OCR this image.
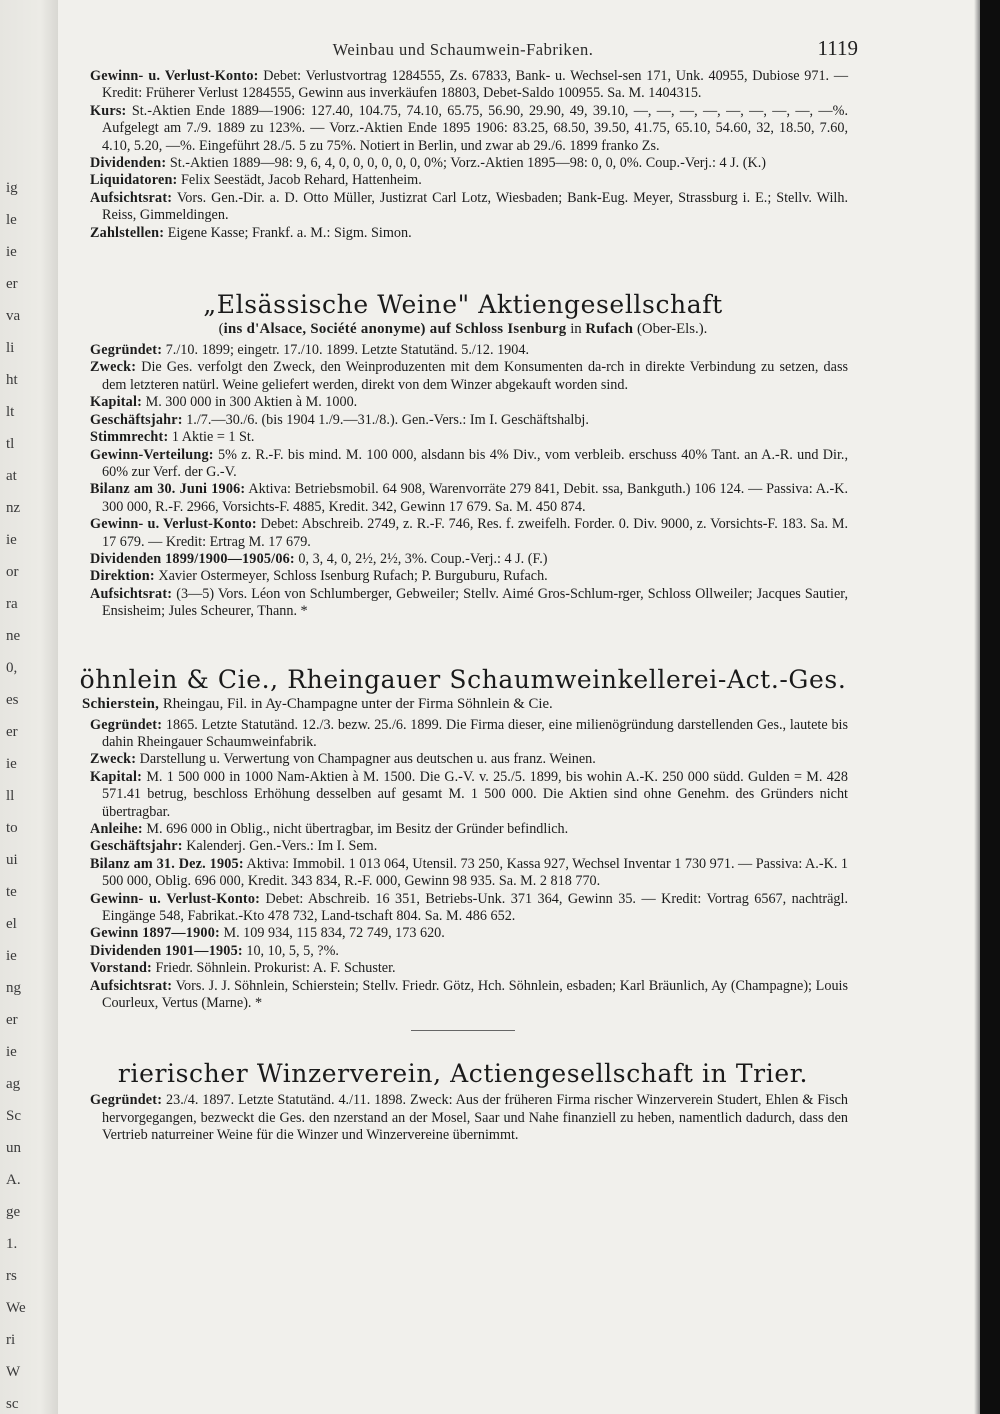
ig
le
ie
er
va
li
ht
lt
tl
at
nz
ie
or
ra
ne
0,
es
er
ie
ll
to
ui
te
el
ie
ng
er
ie
ag
Sc
un
A.
ge
1.
rs
We
ri
W
sc
Weinbau und Schaumwein-Fabriken.	1119

Gewinn- u. Verlust-Konto: Debet: Verlustvortrag 1284555, Zs. 67833, Bank- u. Wechsel-sen 171, Unk. 40955, Dubiose 971. — Kredit: Früherer Verlust 1284555, Gewinn aus inverkäufen 18803, Debet-Saldo 100955. Sa. M. 1404315.

Kurs: St.-Aktien Ende 1889—1906: 127.40, 104.75, 74.10, 65.75, 56.90, 29.90, 49, 39.10, —, —, —, —, —, —, —, —, —%. Aufgelegt am 7./9. 1889 zu 123%. — Vorz.-Aktien Ende 1895 1906: 83.25, 68.50, 39.50, 41.75, 65.10, 54.60, 32, 18.50, 7.60, 4.10, 5.20, —%. Eingeführt 28./5. 5 zu 75%. Notiert in Berlin, und zwar ab 29./6. 1899 franko Zs.

Dividenden: St.-Aktien 1889—98: 9, 6, 4, 0, 0, 0, 0, 0, 0, 0%; Vorz.-Aktien 1895—98: 0, 0, 0%. Coup.-Verj.: 4 J. (K.)

Liquidatoren: Felix Seestädt, Jacob Rehard, Hattenheim.

Aufsichtsrat: Vors. Gen.-Dir. a. D. Otto Müller, Justizrat Carl Lotz, Wiesbaden; Bank-Eug. Meyer, Strassburg i. E.; Stellv. Wilh. Reiss, Gimmeldingen.

Zahlstellen: Eigene Kasse; Frankf. a. M.: Sigm. Simon.

„Elsässische Weine" Aktiengesellschaft
(ins d'Alsace, Société anonyme) auf Schloss Isenburg in Rufach (Ober-Els.).

Gegründet: 7./10. 1899; eingetr. 17./10. 1899. Letzte Statutänd. 5./12. 1904.

Zweck: Die Ges. verfolgt den Zweck, den Weinproduzenten mit dem Konsumenten da-rch in direkte Verbindung zu setzen, dass dem letzteren natürl. Weine geliefert werden, direkt von dem Winzer abgekauft worden sind.

Kapital: M. 300 000 in 300 Aktien à M. 1000.

Geschäftsjahr: 1./7.—30./6. (bis 1904 1./9.—31./8.). Gen.-Vers.: Im I. Geschäftshalbj.

Stimmrecht: 1 Aktie = 1 St.

Gewinn-Verteilung: 5% z. R.-F. bis mind. M. 100 000, alsdann bis 4% Div., vom verbleib. erschuss 40% Tant. an A.-R. und Dir., 60% zur Verf. der G.-V.

Bilanz am 30. Juni 1906: Aktiva: Betriebsmobil. 64 908, Warenvorräte 279 841, Debit. ssa, Bankguth.) 106 124. — Passiva: A.-K. 300 000, R.-F. 2966, Vorsichts-F. 4885, Kredit. 342, Gewinn 17 679. Sa. M. 450 874.

Gewinn- u. Verlust-Konto: Debet: Abschreib. 2749, z. R.-F. 746, Res. f. zweifelh. Forder. 0. Div. 9000, z. Vorsichts-F. 183. Sa. M. 17 679. — Kredit: Ertrag M. 17 679.

Dividenden 1899/1900—1905/06: 0, 3, 4, 0, 2½, 2½, 3%. Coup.-Verj.: 4 J. (F.)

Direktion: Xavier Ostermeyer, Schloss Isenburg Rufach; P. Burguburu, Rufach.

Aufsichtsrat: (3—5) Vors. Léon von Schlumberger, Gebweiler; Stellv. Aimé Gros-Schlum-rger, Schloss Ollweiler; Jacques Sautier, Ensisheim; Jules Scheurer, Thann. *

öhnlein & Cie., Rheingauer Schaumweinkellerei-Act.-Ges.
Schierstein, Rheingau, Fil. in Ay-Champagne unter der Firma Söhnlein & Cie.

Gegründet: 1865. Letzte Statutänd. 12./3. bezw. 25./6. 1899. Die Firma dieser, eine milienögründung darstellenden Ges., lautete bis dahin Rheingauer Schaumweinfabrik.

Zweck: Darstellung u. Verwertung von Champagner aus deutschen u. aus franz. Weinen.

Kapital: M. 1 500 000 in 1000 Nam-Aktien à M. 1500. Die G.-V. v. 25./5. 1899, bis wohin A.-K. 250 000 südd. Gulden = M. 428 571.41 betrug, beschloss Erhöhung desselben auf gesamt M. 1 500 000. Die Aktien sind ohne Genehm. des Gründers nicht übertragbar.

Anleihe: M. 696 000 in Oblig., nicht übertragbar, im Besitz der Gründer befindlich.

Geschäftsjahr: Kalenderj. Gen.-Vers.: Im I. Sem.

Bilanz am 31. Dez. 1905: Aktiva: Immobil. 1 013 064, Utensil. 73 250, Kassa 927, Wechsel Inventar 1 730 971. — Passiva: A.-K. 1 500 000, Oblig. 696 000, Kredit. 343 834, R.-F. 000, Gewinn 98 935. Sa. M. 2 818 770.

Gewinn- u. Verlust-Konto: Debet: Abschreib. 16 351, Betriebs-Unk. 371 364, Gewinn 35. — Kredit: Vortrag 6567, nachträgl. Eingänge 548, Fabrikat.-Kto 478 732, Land-tschaft 804. Sa. M. 486 652.

Gewinn 1897—1900: M. 109 934, 115 834, 72 749, 173 620.

Dividenden 1901—1905: 10, 10, 5, 5, ?%.

Vorstand: Friedr. Söhnlein. Prokurist: A. F. Schuster.

Aufsichtsrat: Vors. J. J. Söhnlein, Schierstein; Stellv. Friedr. Götz, Hch. Söhnlein, esbaden; Karl Bräunlich, Ay (Champagne); Louis Courleux, Vertus (Marne). *

rierischer Winzerverein, Actiengesellschaft in Trier.

Gegründet: 23./4. 1897. Letzte Statutänd. 4./11. 1898. Zweck: Aus der früheren Firma rischer Winzerverein Studert, Ehlen & Fisch hervorgegangen, bezweckt die Ges. den nzerstand an der Mosel, Saar und Nahe finanziell zu heben, namentlich dadurch, dass den Vertrieb naturreiner Weine für die Winzer und Winzervereine übernimmt.
